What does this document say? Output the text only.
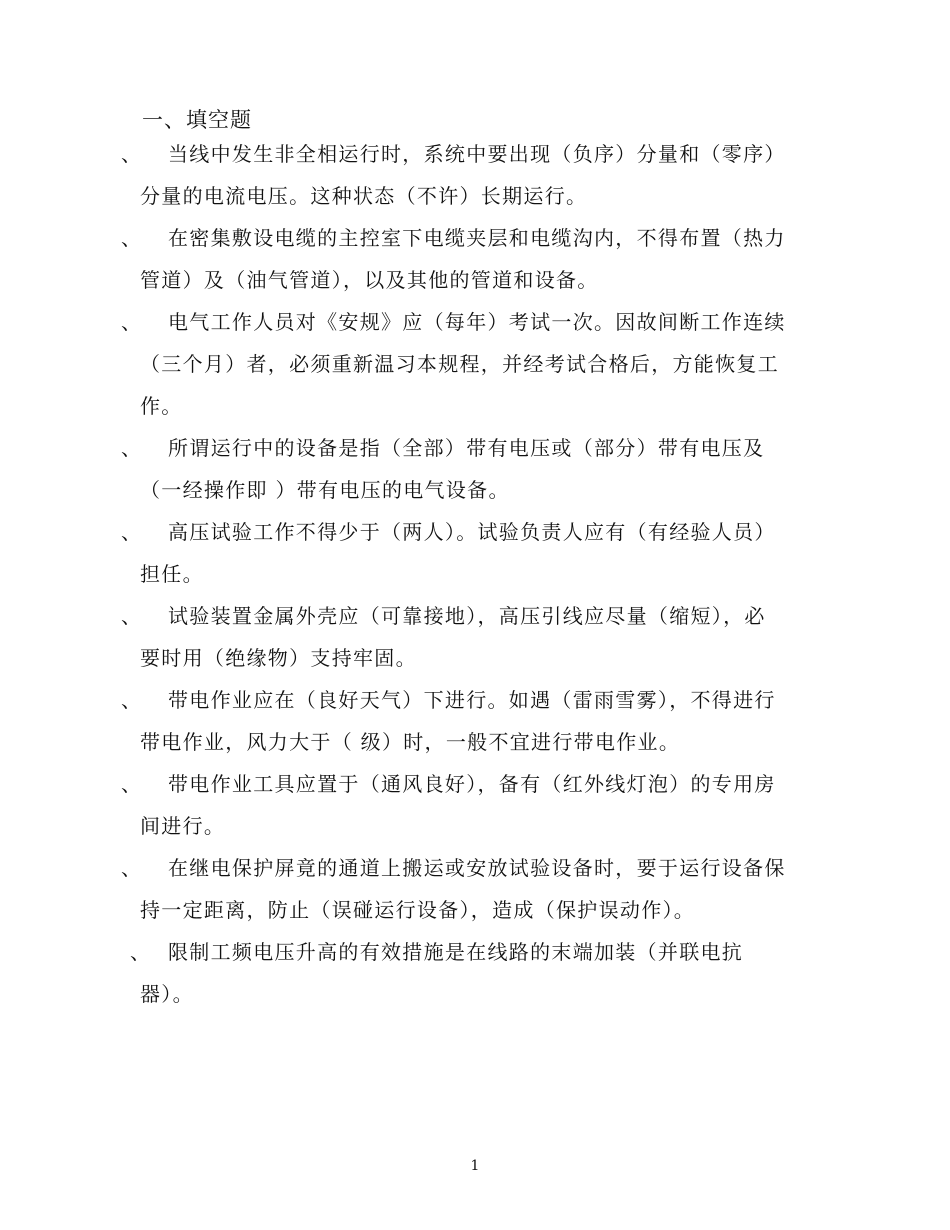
一、填空题
、 当线中发生非全相运行时，系统中要出现（负序）分量和（零序）
分量的电流电压。这种状态（不许）长期运行。
、 在密集敷设电缆的主控室下电缆夹层和电缆沟内，不得布置（热力
管道）及（油气管道），以及其他的管道和设备。
、 电气工作人员对《安规》应（每年）考试一次。因故间断工作连续
（三个月）者，必须重新温习本规程，并经考试合格后，方能恢复工
作。
、 所谓运行中的设备是指（全部）带有电压或（部分）带有电压及
（一经操作即 ）带有电压的电气设备。
、 高压试验工作不得少于（两人）。试验负责人应有（有经验人员）
担任。
、 试验装置金属外壳应（可靠接地），高压引线应尽量（缩短），必
要时用（绝缘物）支持牢固。
、 带电作业应在（良好天气）下进行。如遇（雷雨雪雾），不得进行
带电作业，风力大于（ 级）时，一般不宜进行带电作业。
、 带电作业工具应置于（通风良好），备有（红外线灯泡）的专用房
间进行。
、 在继电保护屏竟的通道上搬运或安放试验设备时，要于运行设备保
持一定距离，防止（误碰运行设备），造成（保护误动作）。
、 限制工频电压升高的有效措施是在线路的末端加装（并联电抗
器）。
1
